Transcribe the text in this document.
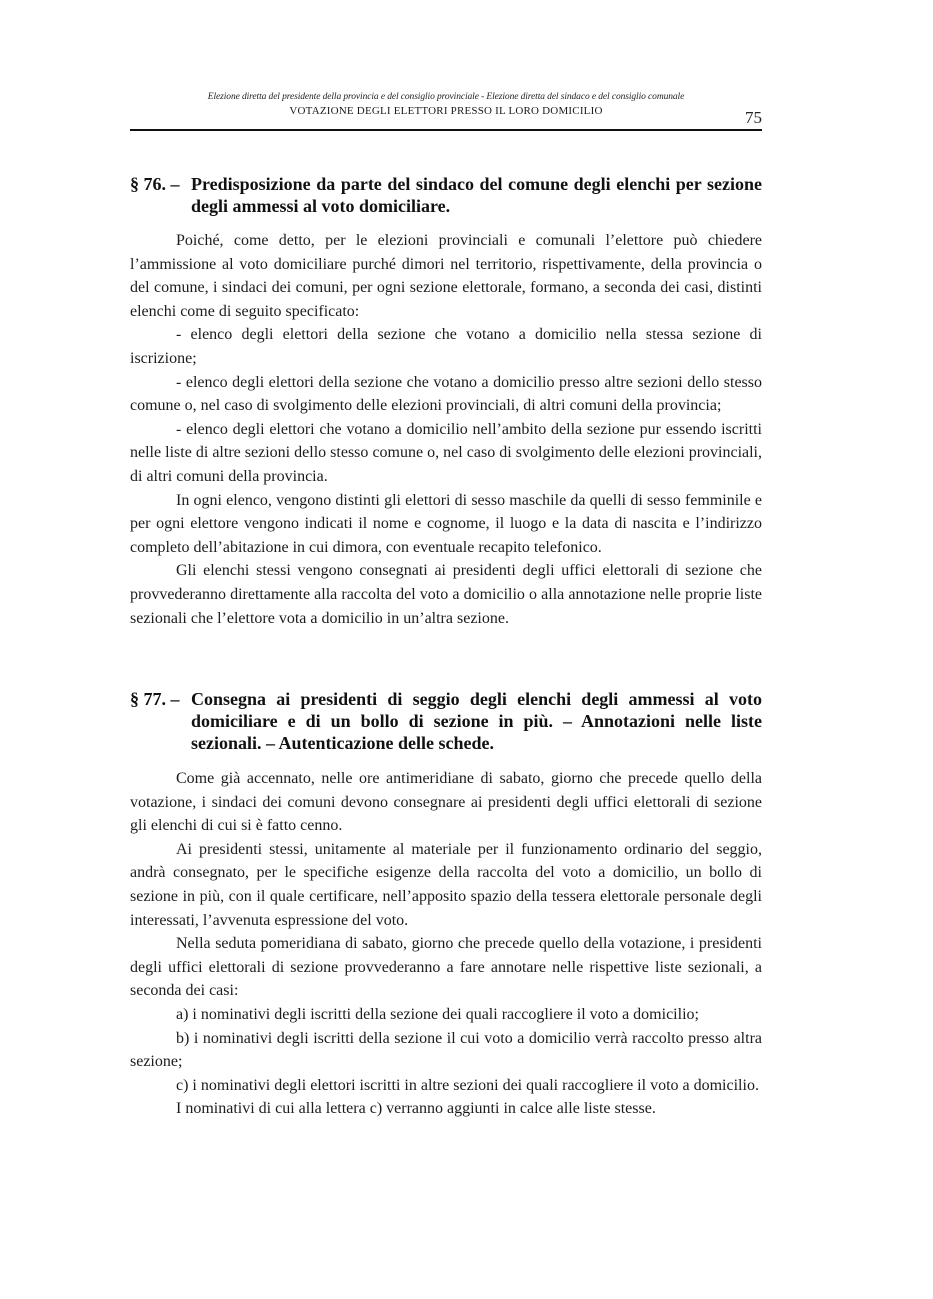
Elezione diretta del presidente della provincia e del consiglio provinciale - Elezione diretta del sindaco e del consiglio comunale
VOTAZIONE DEGLI ELETTORI PRESSO IL LORO DOMICILIO	75
§ 76. – Predisposizione da parte del sindaco del comune degli elenchi per sezione degli ammessi al voto domiciliare.

Poiché, come detto, per le elezioni provinciali e comunali l’elettore può chiedere l’ammissione al voto domiciliare purché dimori nel territorio, rispettivamente, della provincia o del comune, i sindaci dei comuni, per ogni sezione elettorale, formano, a seconda dei casi, distinti elenchi come di seguito specificato:

- elenco degli elettori della sezione che votano a domicilio nella stessa sezione di iscrizione;

- elenco degli elettori della sezione che votano a domicilio presso altre sezioni dello stesso comune o, nel caso di svolgimento delle elezioni provinciali, di altri comuni della provincia;

- elenco degli elettori che votano a domicilio nell’ambito della sezione pur essendo iscritti nelle liste di altre sezioni dello stesso comune o, nel caso di svolgimento delle elezioni provinciali, di altri comuni della provincia.

In ogni elenco, vengono distinti gli elettori di sesso maschile da quelli di sesso femminile e per ogni elettore vengono indicati il nome e cognome, il luogo e la data di nascita e l’indirizzo completo dell’abitazione in cui dimora, con eventuale recapito telefonico.

Gli elenchi stessi vengono consegnati ai presidenti degli uffici elettorali di sezione che provvederanno direttamente alla raccolta del voto a domicilio o alla annotazione nelle proprie liste sezionali che l’elettore vota a domicilio in un’altra sezione.

§ 77. – Consegna ai presidenti di seggio degli elenchi degli ammessi al voto domiciliare e di un bollo di sezione in più. – Annotazioni nelle liste sezionali. – Autenticazione delle schede.

Come già accennato, nelle ore antimeridiane di sabato, giorno che precede quello della votazione, i sindaci dei comuni devono consegnare ai presidenti degli uffici elettorali di sezione gli elenchi di cui si è fatto cenno.

Ai presidenti stessi, unitamente al materiale per il funzionamento ordinario del seggio, andrà consegnato, per le specifiche esigenze della raccolta del voto a domicilio, un bollo di sezione in più, con il quale certificare, nell’apposito spazio della tessera elettorale personale degli interessati, l’avvenuta espressione del voto.

Nella seduta pomeridiana di sabato, giorno che precede quello della votazione, i presidenti degli uffici elettorali di sezione provvederanno a fare annotare nelle rispettive liste sezionali, a seconda dei casi:

a) i nominativi degli iscritti della sezione dei quali raccogliere il voto a domicilio;

b) i nominativi degli iscritti della sezione il cui voto a domicilio verrà raccolto presso altra sezione;

c) i nominativi degli elettori iscritti in altre sezioni dei quali raccogliere il voto a domicilio.

I nominativi di cui alla lettera c) verranno aggiunti in calce alle liste stesse.
